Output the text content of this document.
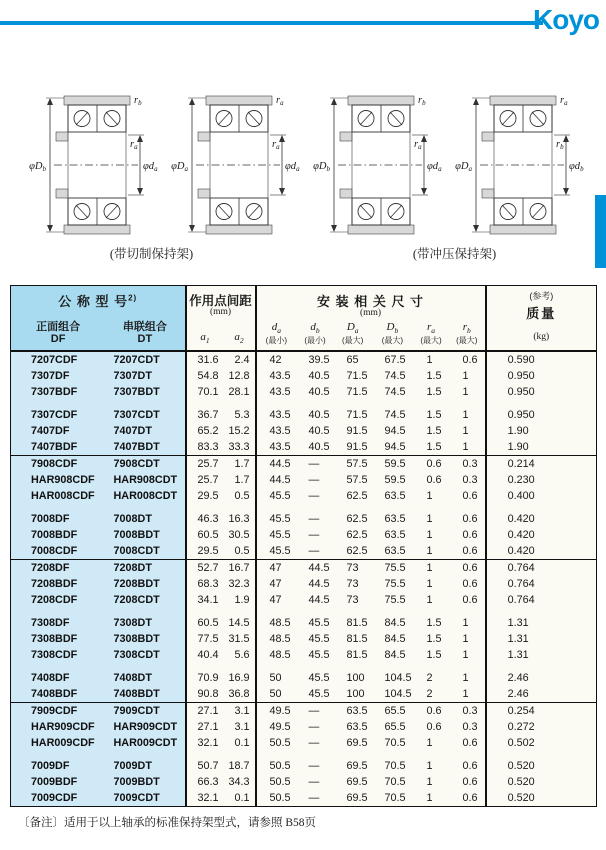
Koyo
φDb	φda
rb
ra
φDa	φda
ra
ra
φDb	φda
rb
ra
φDa	φdb
ra
rb
(带切制保持架)	(带冲压保持架)
公 称 型 号$^{2)}$
正面组合
DF
串联组合
DT

作用点间距
(mm)
$a_1$	$a_2$

安 装 相 关 尺 寸
(mm)
$d_a$
(最小)
$d_b$
(最小)
$D_a$
(最大)
$D_b$
(最大)
$r_a$
(最大)
$r_b$
(最大)

(参考)
质量
(kg)

7207CDF	7207CDT	31.6	2.4	42	39.5	65	67.5	1	0.6	0.590
7307DF	7307DT	54.8	12.8	43.5	40.5	71.5	74.5	1.5	1	0.950
7307BDF	7307BDT	70.1	28.1	43.5	40.5	71.5	74.5	1.5	1	0.950

7307CDF	7307CDT	36.7	5.3	43.5	40.5	71.5	74.5	1.5	1	0.950
7407DF	7407DT	65.2	15.2	43.5	40.5	91.5	94.5	1.5	1	1.90
7407BDF	7407BDT	83.3	33.3	43.5	40.5	91.5	94.5	1.5	1	1.90
7908CDF	7908CDT	25.7	1.7	44.5	—	57.5	59.5	0.6	0.3	0.214
HAR908CDF	HAR908CDT	25.7	1.7	44.5	—	57.5	59.5	0.6	0.3	0.230
HAR008CDF	HAR008CDT	29.5	0.5	45.5	—	62.5	63.5	1	0.6	0.400

7008DF	7008DT	46.3	16.3	45.5	—	62.5	63.5	1	0.6	0.420
7008BDF	7008BDT	60.5	30.5	45.5	—	62.5	63.5	1	0.6	0.420
7008CDF	7008CDT	29.5	0.5	45.5	—	62.5	63.5	1	0.6	0.420
7208DF	7208DT	52.7	16.7	47	44.5	73	75.5	1	0.6	0.764
7208BDF	7208BDT	68.3	32.3	47	44.5	73	75.5	1	0.6	0.764
7208CDF	7208CDT	34.1	1.9	47	44.5	73	75.5	1	0.6	0.764

7308DF	7308DT	60.5	14.5	48.5	45.5	81.5	84.5	1.5	1	1.31
7308BDF	7308BDT	77.5	31.5	48.5	45.5	81.5	84.5	1.5	1	1.31
7308CDF	7308CDT	40.4	5.6	48.5	45.5	81.5	84.5	1.5	1	1.31

7408DF	7408DT	70.9	16.9	50	45.5	100	104.5	2	1	2.46
7408BDF	7408BDT	90.8	36.8	50	45.5	100	104.5	2	1	2.46
7909CDF	7909CDT	27.1	3.1	49.5	—	63.5	65.5	0.6	0.3	0.254
HAR909CDF	HAR909CDT	27.1	3.1	49.5	—	63.5	65.5	0.6	0.3	0.272
HAR009CDF	HAR009CDT	32.1	0.1	50.5	—	69.5	70.5	1	0.6	0.502

7009DF	7009DT	50.7	18.7	50.5	—	69.5	70.5	1	0.6	0.520
7009BDF	7009BDT	66.3	34.3	50.5	—	69.5	70.5	1	0.6	0.520
7009CDF	7009CDT	32.1	0.1	50.5	—	69.5	70.5	1	0.6	0.520
〔备注〕适用于以上轴承的标准保持架型式，请参照 B58页
